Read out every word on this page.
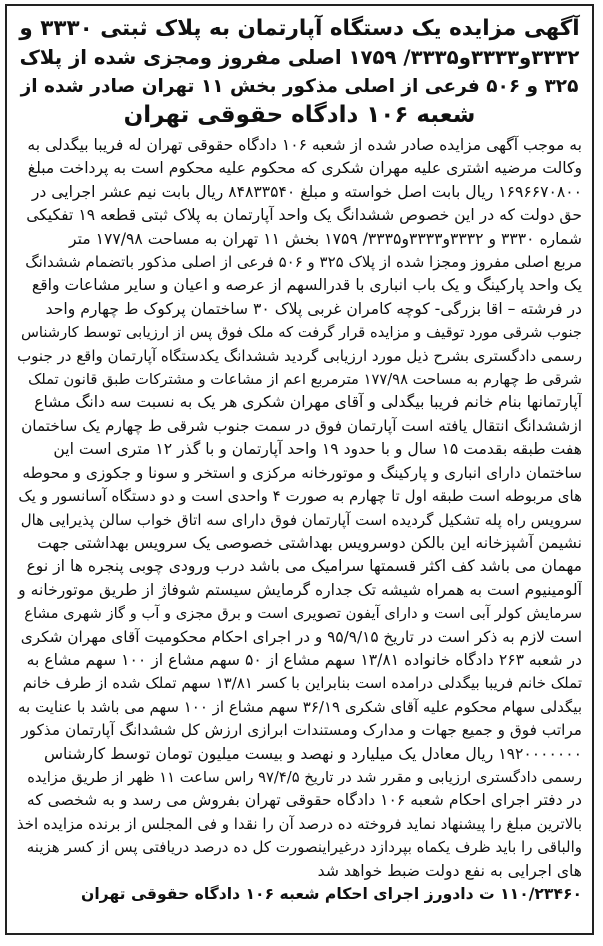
آگهی مزایده یک دستگاه آپارتمان به پلاک ثبتی ۳۳۳۰ و
۳۳۳۲و۳۳۳۳و۳۳۳۵/ ۱۷۵۹ اصلی مفروز ومجزی شده از پلاک
۳۲۵ و ۵۰۶ فرعی از اصلی مذکور بخش ۱۱ تهران صادر شده از
شعبه ۱۰۶ دادگاه حقوقی تهران
به موجب آگهی مزایده صادر شده از شعبه ۱۰۶ دادگاه حقوقی تهران له فریبا بیگدلی به
وکالت مرضیه اشتری علیه مهران شکری که محکوم علیه محکوم است به پرداخت مبلغ
۱۶۹۶۶۷۰۸۰۰ ریال بابت اصل خواسته و مبلغ ۸۴۸۳۳۵۴۰ ریال بابت نیم عشر اجرایی در
حق دولت که در این خصوص ششدانگ یک واحد آپارتمان به پلاک ثبتی قطعه ۱۹ تفکیکی
شماره ۳۳۳۰ و ۳۳۳۲و۳۳۳۳و۳۳۳۵/ ۱۷۵۹ بخش ۱۱ تهران به مساحت ۱۷۷/۹۸ متر
مربع اصلی مفروز ومجزا شده از پلاک ۳۲۵ و ۵۰۶ فرعی از اصلی مذکور باتضمام ششدانگ
یک واحد پارکینگ و یک باب انباری با قدرالسهم از عرصه و اعیان و سایر مشاعات واقع
در فرشته – اقا بزرگی- کوچه کامران غربی پلاک ۳۰ ساختمان پرکوک ط چهارم واحد
جنوب شرقی مورد توقیف و مزایده قرار گرفت که ملک فوق پس از ارزیابی توسط کارشناس
رسمی دادگستری بشرح ذیل مورد ارزیابی گردید ششدانگ یکدستگاه آپارتمان واقع در جنوب
شرقی ط چهارم به مساحت ۱۷۷/۹۸ مترمربع اعم از مشاعات و مشترکات طبق قانون تملک
آپارتمانها بنام خانم فریبا بیگدلی و آقای مهران شکری هر یک به نسبت سه دانگ مشاع
ازششدانگ انتقال یافته است آپارتمان فوق در سمت جنوب شرقی ط چهارم یک ساختمان
هفت طبقه بقدمت ۱۵ سال و با حدود ۱۹ واحد آپارتمان و با گذر ۱۲ متری است این
ساختمان دارای انباری و پارکینگ و موتورخانه مرکزی و استخر و سونا و جکوزی و محوطه
های مربوطه است طبقه اول تا چهارم به صورت ۴ واحدی است و دو دستگاه آسانسور و یک
سرویس راه پله تشکیل گردیده است آپارتمان فوق دارای سه اتاق خواب سالن پذیرایی هال
نشیمن آشپزخانه این بالکن دوسرویس بهداشتی خصوصی یک سرویس بهداشتی جهت
مهمان می باشد کف اکثر قسمتها سرامیک می باشد درب ورودی چوبی پنجره ها از نوع
آلومینیوم است به همراه شیشه تک جداره گرمایش سیستم شوفاژ از طریق موتورخانه و
سرمایش کولر آبی است و دارای آیفون تصویری است و برق مجزی و آب و گاز شهری مشاع
است لازم به ذکر است در تاریخ ۹۵/۹/۱۵ و در اجرای احکام محکومیت آقای مهران شکری
در شعبه ۲۶۳ دادگاه خانواده ۱۳/۸۱ سهم مشاع از ۵۰ سهم مشاع از ۱۰۰ سهم مشاع به
تملک خانم فریبا بیگدلی درامده است بنابراین با کسر ۱۳/۸۱ سهم تملک شده از طرف خانم
بیگدلی سهام محکوم علیه آقای شکری ۳۶/۱۹ سهم مشاع از ۱۰۰ سهم می باشد با عنایت به
مراتب فوق و جمیع جهات و مدارک ومستندات ابرازی ارزش کل ششدانگ آپارتمان مذکور
۱۹۲۰۰۰۰۰۰۰ ریال معادل یک میلیارد و نهصد و بیست میلیون تومان توسط کارشناس
رسمی دادگستری ارزیابی و مقرر شد در تاریخ ۹۷/۴/۵ راس ساعت ۱۱ ظهر از طریق مزایده
در دفتر اجرای احکام شعبه ۱۰۶ دادگاه حقوقی تهران بفروش می رسد و به شخصی که
بالاترین مبلغ را پیشنهاد نماید فروخته ده درصد آن را نقدا و فی المجلس از برنده مزایده اخذ
والباقی را باید ظرف یکماه بپردازد درغیراینصورت کل ده درصد دریافتی پس از کسر هزینه
های اجرایی به نفع دولت ضبط خواهد شد
۱۱۰/۲۳۴۶۰ ت دادورز اجرای احکام شعبه ۱۰۶ دادگاه حقوقی تهران
